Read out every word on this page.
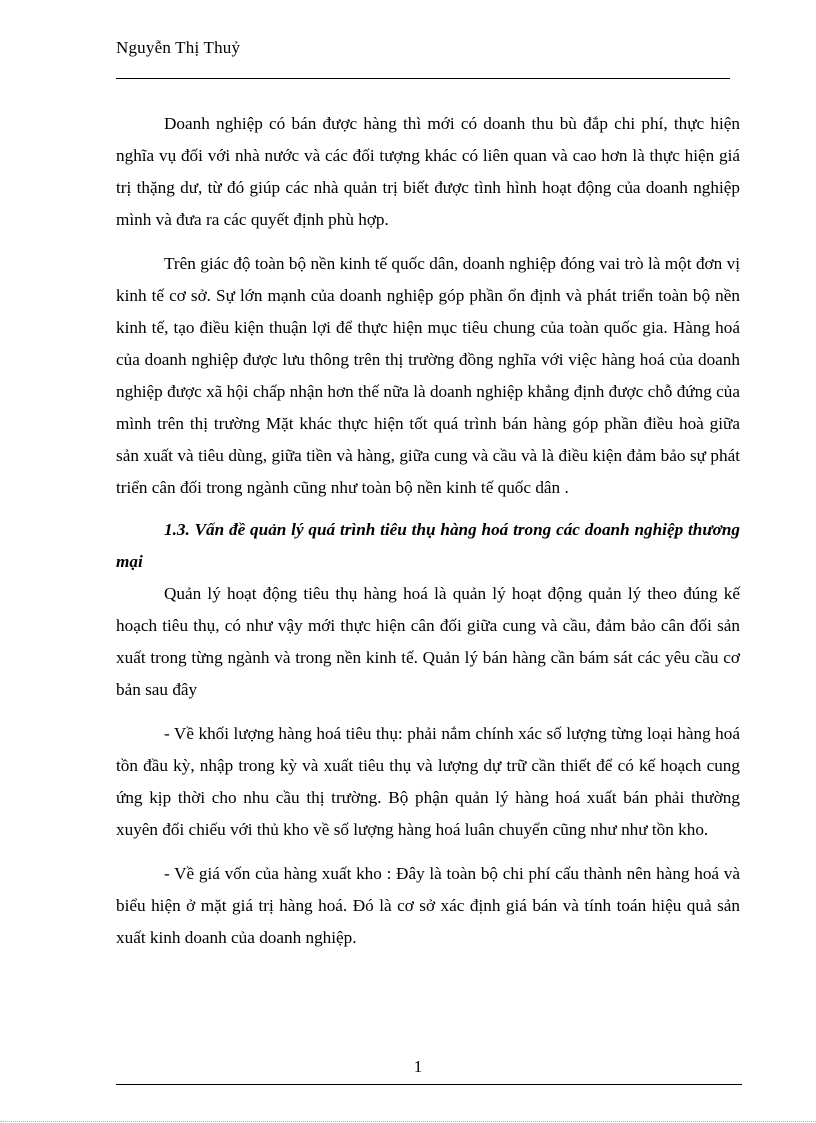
Nguyễn Thị Thuỷ

Doanh nghiệp có bán được hàng thì mới có doanh thu bù đắp chi phí, thực hiện nghĩa vụ đối với nhà nước và các đối tượng khác có liên quan và cao hơn là thực hiện giá trị thặng dư, từ đó giúp các nhà quản trị biết được tình hình hoạt động của doanh nghiệp mình và đưa ra các quyết định phù hợp.

Trên giác độ toàn bộ nền kinh tế quốc dân, doanh nghiệp đóng vai trò là một đơn vị kinh tế cơ sở. Sự lớn mạnh của doanh nghiệp góp phần ổn định và phát triển toàn bộ nền kinh tế, tạo điều kiện thuận lợi để thực hiện mục tiêu chung của toàn quốc gia. Hàng hoá của doanh nghiệp được lưu thông trên thị trường đồng nghĩa với việc hàng hoá của doanh nghiệp được xã hội chấp nhận hơn thế nữa là doanh nghiệp khẳng định được chỗ đứng của mình trên thị trường Mặt khác thực hiện tốt quá trình bán hàng góp phần điều hoà giữa sản xuất và tiêu dùng, giữa tiền và hàng, giữa cung và cầu và là điều kiện đảm bảo sự phát triển cân đối trong ngành cũng như toàn bộ nền kinh tế quốc dân .

1.3. Vấn đề quản lý quá trình tiêu thụ hàng hoá trong các doanh nghiệp thương mại

Quản lý hoạt động tiêu thụ hàng hoá là quản lý hoạt động quản lý theo đúng kế hoạch tiêu thụ, có như vậy mới thực hiện cân đối giữa cung và cầu, đảm bảo cân đối sản xuất trong từng ngành và trong nền kinh tế. Quản lý bán hàng cần bám sát các yêu cầu cơ bản sau đây

- Về khối lượng hàng hoá tiêu thụ: phải nắm chính xác số lượng từng loại hàng hoá tồn đầu kỳ, nhập trong kỳ và xuất tiêu thụ và lượng dự trữ cần thiết để có kế hoạch cung ứng kịp thời cho nhu cầu thị trường. Bộ phận quản lý hàng hoá xuất bán phải thường xuyên đối chiếu với thủ kho về số lượng hàng hoá luân chuyển cũng như như tồn kho.

- Về giá vốn của hàng xuất kho : Đây là toàn bộ chi phí cấu thành nên hàng hoá và biểu hiện ở mặt giá trị hàng hoá. Đó là cơ sở xác định giá bán và tính toán hiệu quả sản xuất kinh doanh của doanh nghiệp.

1
